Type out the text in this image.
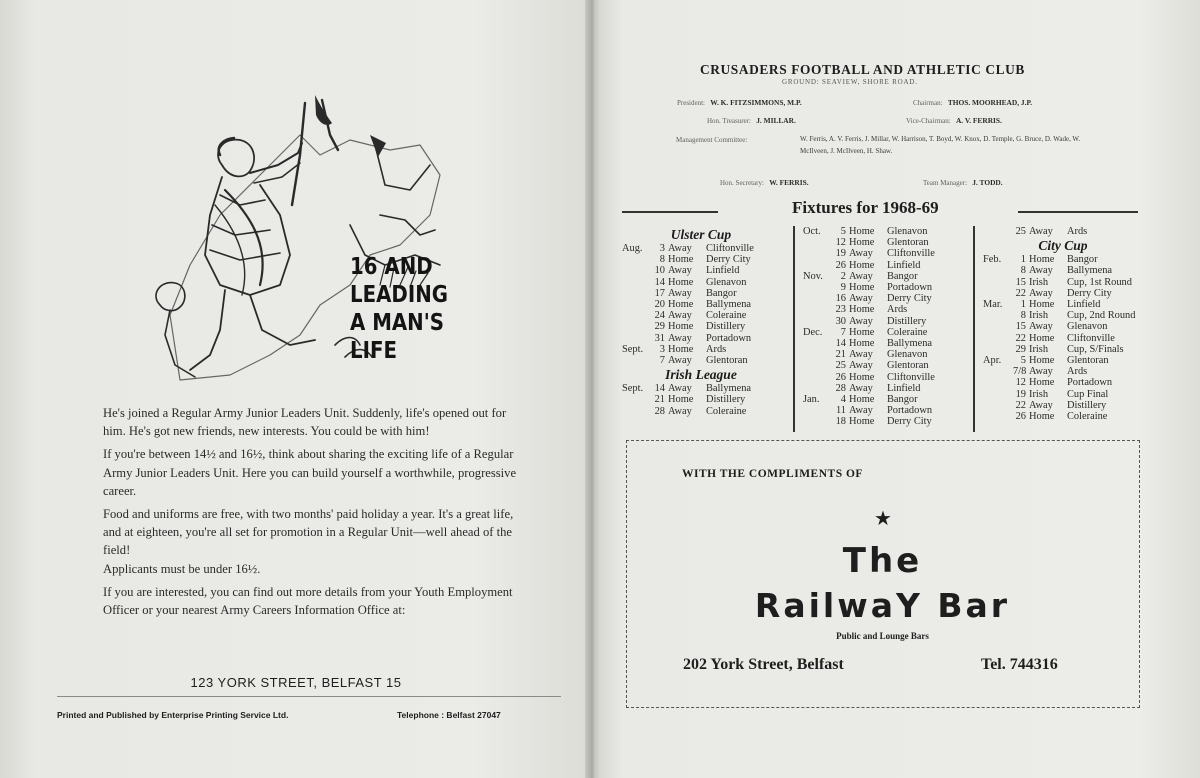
16 AND
LEADING
A MAN'S
LIFE

He's joined a Regular Army Junior Leaders Unit. Suddenly, life's opened out for him. He's got new friends, new interests. You could be with him!

If you're between 14½ and 16½, think about sharing the exciting life of a Regular Army Junior Leaders Unit. Here you can build yourself a worthwhile, progressive career.

Food and uniforms are free, with two months' paid holiday a year. It's a great life, and at eighteen, you're all set for promotion in a Regular Unit—well ahead of the field!

Applicants must be under 16½.

If you are interested, you can find out more details from your Youth Employment Officer or your nearest Army Careers Information Office at:

123 YORK STREET, BELFAST 15
Printed and Published by Enterprise Printing Service Ltd.	Telephone : Belfast 27047
CRUSADERS FOOTBALL AND ATHLETIC CLUB
GROUND: SEAVIEW, SHORE ROAD.
President: W. K. FITZSIMMONS, M.P.	Chairman: THOS. MOORHEAD, J.P.
Hon. Treasurer: J. MILLAR.	Vice-Chairman: A. V. FERRIS.
Management Committee:	W. Ferris, A. V. Ferris, J. Millar, W. Harrison, T. Boyd, W. Knox, D. Temple, G. Bruce, D. Wade, W. McIlveen, J. McIlveen, H. Shaw.
Hon. Secretary: W. FERRIS.	Team Manager: J. TODD.
Fixtures for 1968-69
Ulster Cup
Aug.	3 Away	Cliftonville
8 Home	Derry City
10 Away	Linfield
14 Home	Glenavon
17 Away	Bangor
20 Home	Ballymena
24 Away	Coleraine
29 Home	Distillery
31 Away	Portadown
Sept.	3 Home	Ards
7 Away	Glentoran
Irish League
Sept.	14 Away	Ballymena
21 Home	Distillery
28 Away	Coleraine
Oct.	5 Home	Glenavon
12 Home	Glentoran
19 Away	Cliftonville
26 Home	Linfield
Nov.	2 Away	Bangor
9 Home	Portadown
16 Away	Derry City
23 Home	Ards
30 Away	Distillery
Dec.	7 Home	Coleraine
14 Home	Ballymena
21 Away	Glenavon
25 Away	Glentoran
26 Home	Cliftonville
28 Away	Linfield
Jan.	4 Home	Bangor
11 Away	Portadown
18 Home	Derry City
25 Away	Ards
City Cup
Feb.	1 Home	Bangor
8 Away	Ballymena
15 Irish	Cup, 1st Round
22 Away	Derry City
Mar.	1 Home	Linfield
8 Irish	Cup, 2nd Round
15 Away	Glenavon
22 Home	Cliftonville
29 Irish	Cup, S/Finals
Apr.	5 Home	Glentoran
7/8 Away	Ards
12 Home	Portadown
19 Irish	Cup Final
22 Away	Distillery
26 Home	Coleraine
WITH THE COMPLIMENTS OF
★
The
RailwaY Bar
Public and Lounge Bars
202 York Street, Belfast	Tel. 744316
